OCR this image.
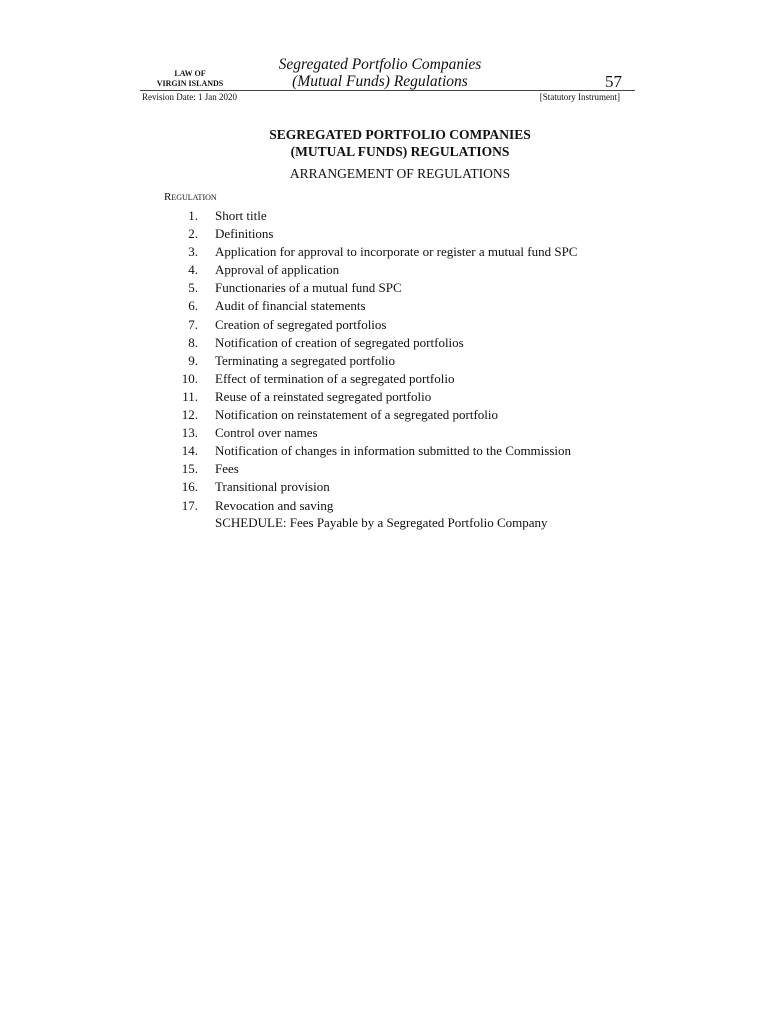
LAW OF
VIRGIN ISLANDS
Segregated Portfolio Companies
(Mutual Funds) Regulations	57
Revision Date: 1 Jan 2020	[Statutory Instrument]
SEGREGATED PORTFOLIO COMPANIES
(MUTUAL FUNDS) REGULATIONS
ARRANGEMENT OF REGULATIONS
Regulation
1.	Short title
2.	Definitions
3.	Application for approval to incorporate or register a mutual fund SPC
4.	Approval of application
5.	Functionaries of a mutual fund SPC
6.	Audit of financial statements
7.	Creation of segregated portfolios
8.	Notification of creation of segregated portfolios
9.	Terminating a segregated portfolio
10.	Effect of termination of a segregated portfolio
11.	Reuse of a reinstated segregated portfolio
12.	Notification on reinstatement of a segregated portfolio
13.	Control over names
14.	Notification of changes in information submitted to the Commission
15.	Fees
16.	Transitional provision
17.	Revocation and saving
SCHEDULE: Fees Payable by a Segregated Portfolio Company
